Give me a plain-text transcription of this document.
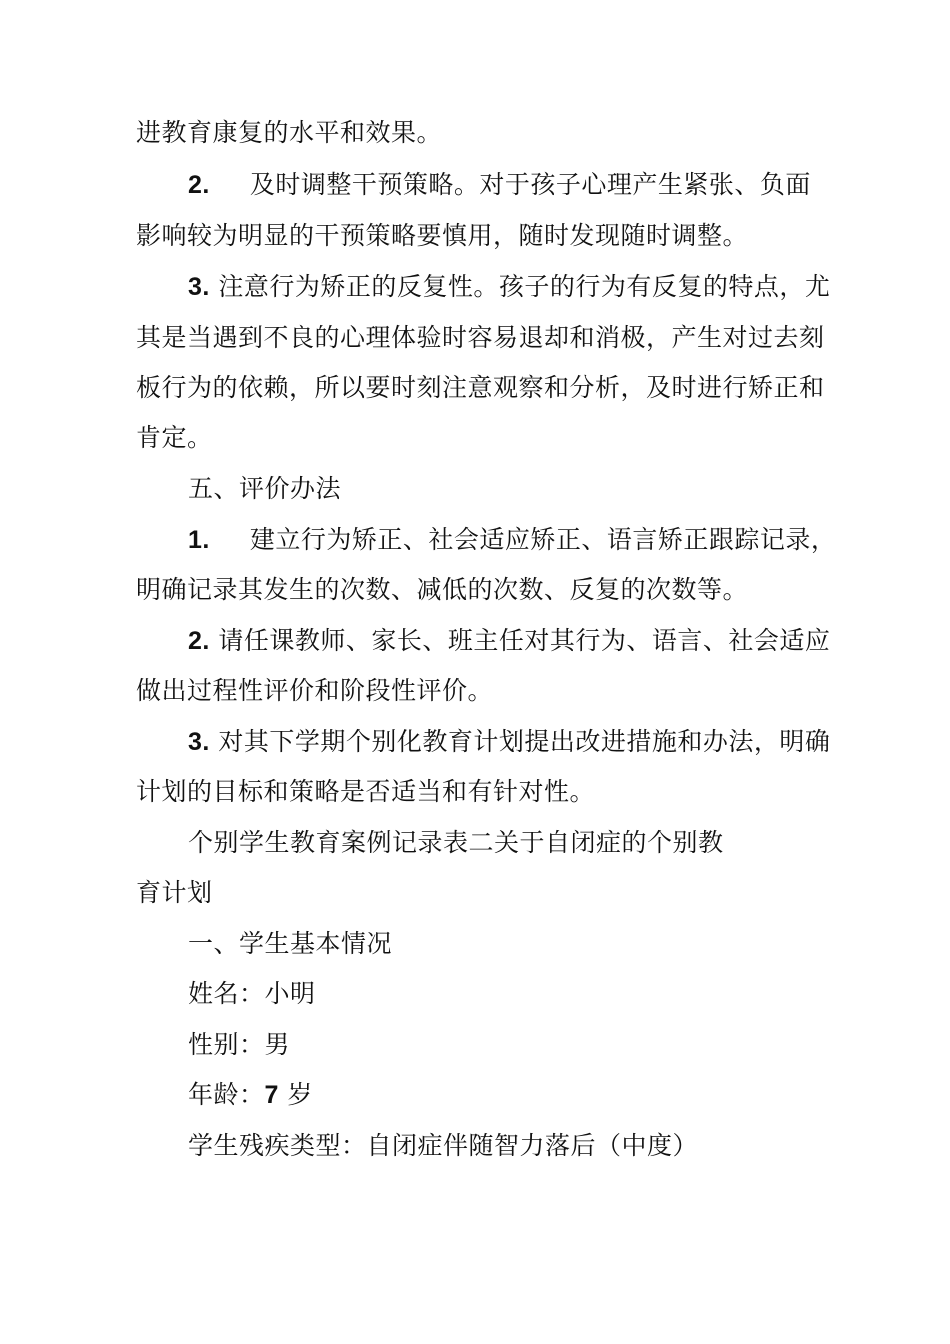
进教育康复的水平和效果。
2. 及时调整干预策略。对于孩子心理产生紧张、负面
影响较为明显的干预策略要慎用，随时发现随时调整。
3. 注意行为矫正的反复性。孩子的行为有反复的特点，尤
其是当遇到不良的心理体验时容易退却和消极，产生对过去刻
板行为的依赖，所以要时刻注意观察和分析，及时进行矫正和
肯定。
五、评价办法
1. 建立行为矫正、社会适应矫正、语言矫正跟踪记录，
明确记录其发生的次数、减低的次数、反复的次数等。
2. 请任课教师、家长、班主任对其行为、语言、社会适应
做出过程性评价和阶段性评价。
3. 对其下学期个别化教育计划提出改进措施和办法，明确
计划的目标和策略是否适当和有针对性。
个别学生教育案例记录表二关于自闭症的个别教
育计划
一、学生基本情况
姓名：小明
性别：男
年龄：7 岁
学生残疾类型：自闭症伴随智力落后（中度）
